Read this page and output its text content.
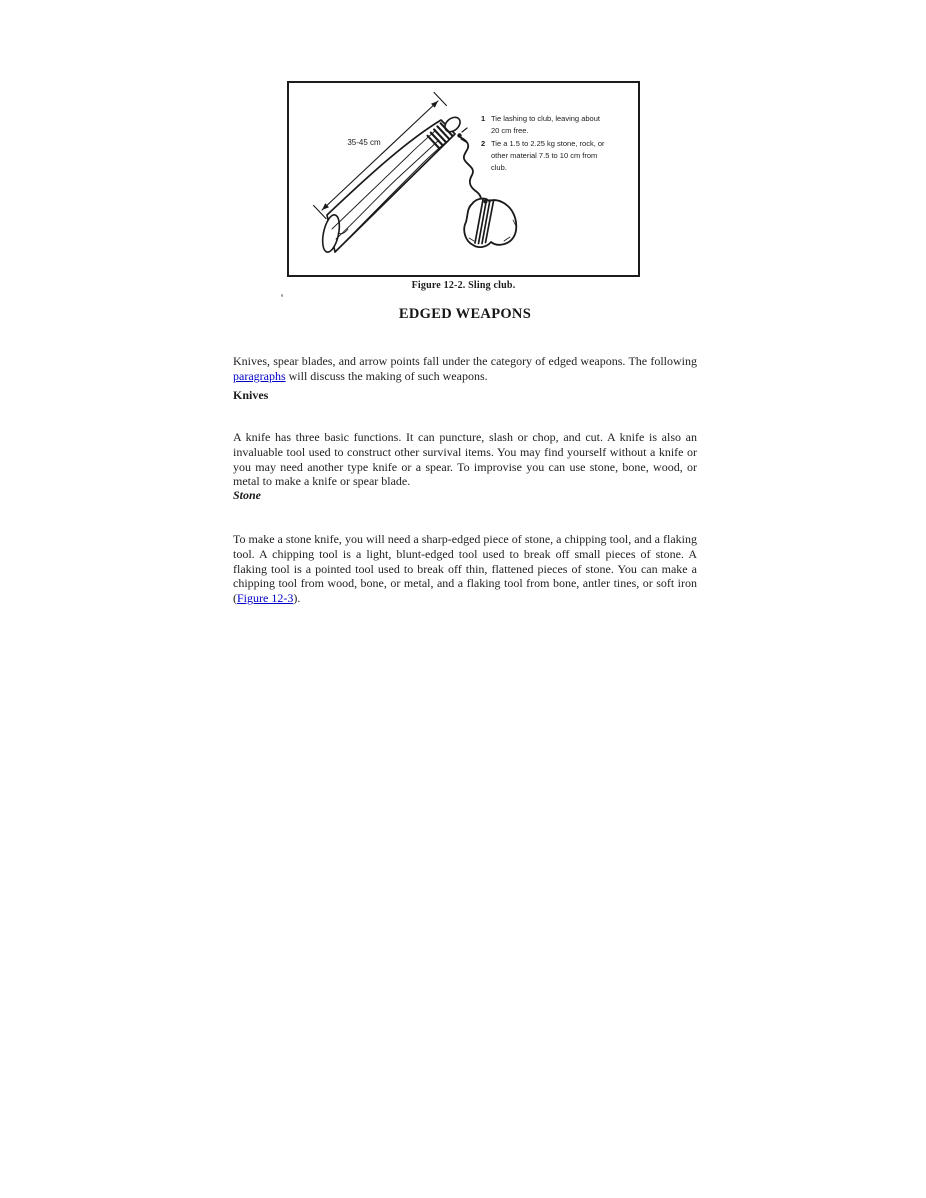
35-45 cm
1 Tie lashing to club, leaving about
20 cm free.
2 Tie a 1.5 to 2.25 kg stone, rock, or
other material 7.5 to 10 cm from
club.
Figure 12-2. Sling club.
EDGED WEAPONS

Knives, spear blades, and arrow points fall under the category of edged weapons. The following paragraphs will discuss the making of such weapons.

Knives

A knife has three basic functions. It can puncture, slash or chop, and cut. A knife is also an invaluable tool used to construct other survival items. You may find yourself without a knife or you may need another type knife or a spear. To improvise you can use stone, bone, wood, or metal to make a knife or spear blade.

Stone

To make a stone knife, you will need a sharp-edged piece of stone, a chipping tool, and a flaking tool. A chipping tool is a light, blunt-edged tool used to break off small pieces of stone. A flaking tool is a pointed tool used to break off thin, flattened pieces of stone. You can make a chipping tool from wood, bone, or metal, and a flaking tool from bone, antler tines, or soft iron (Figure 12-3).
